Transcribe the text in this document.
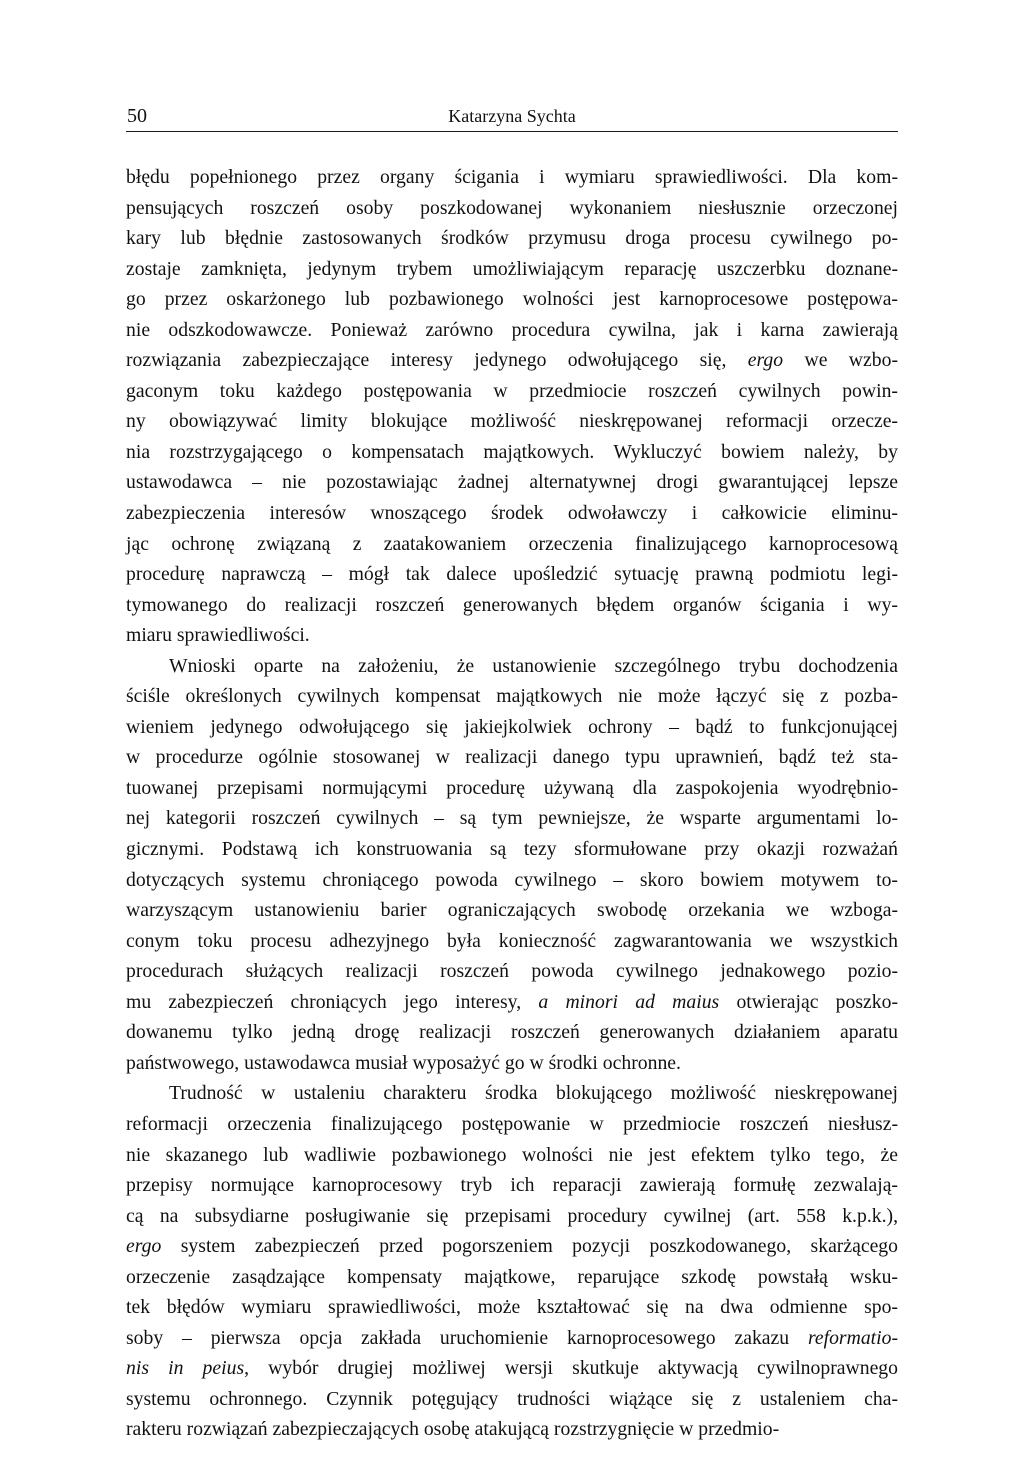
50	Katarzyna Sychta
błędu popełnionego przez organy ścigania i wymiaru sprawiedliwości. Dla kom-
pensujących roszczeń osoby poszkodowanej wykonaniem niesłusznie orzeczonej
kary lub błędnie zastosowanych środków przymusu droga procesu cywilnego po-
zostaje zamknięta, jedynym trybem umożliwiającym reparację uszczerbku doznane-
go przez oskarżonego lub pozbawionego wolności jest karnoprocesowe postępowa-
nie odszkodowawcze. Ponieważ zarówno procedura cywilna, jak i karna zawierają
rozwiązania zabezpieczające interesy jedynego odwołującego się, ergo we wzbo-
gaconym toku każdego postępowania w przedmiocie roszczeń cywilnych powin-
ny obowiązywać limity blokujące możliwość nieskrępowanej reformacji orzecze-
nia rozstrzygającego o kompensatach majątkowych. Wykluczyć bowiem należy, by
ustawodawca – nie pozostawiając żadnej alternatywnej drogi gwarantującej lepsze
zabezpieczenia interesów wnoszącego środek odwoławczy i całkowicie eliminu-
jąc ochronę związaną z zaatakowaniem orzeczenia finalizującego karnoprocesową
procedurę naprawczą – mógł tak dalece upośledzić sytuację prawną podmiotu legi-
tymowanego do realizacji roszczeń generowanych błędem organów ścigania i wy-
miaru sprawiedliwości.
Wnioski oparte na założeniu, że ustanowienie szczególnego trybu dochodzenia
ściśle określonych cywilnych kompensat majątkowych nie może łączyć się z pozba-
wieniem jedynego odwołującego się jakiejkolwiek ochrony – bądź to funkcjonującej
w procedurze ogólnie stosowanej w realizacji danego typu uprawnień, bądź też sta-
tuowanej przepisami normującymi procedurę używaną dla zaspokojenia wyodrębnio-
nej kategorii roszczeń cywilnych – są tym pewniejsze, że wsparte argumentami lo-
gicznymi. Podstawą ich konstruowania są tezy sformułowane przy okazji rozważań
dotyczących systemu chroniącego powoda cywilnego – skoro bowiem motywem to-
warzyszącym ustanowieniu barier ograniczających swobodę orzekania we wzboga-
conym toku procesu adhezyjnego była konieczność zagwarantowania we wszystkich
procedurach służących realizacji roszczeń powoda cywilnego jednakowego pozio-
mu zabezpieczeń chroniących jego interesy, a minori ad maius otwierając poszko-
dowanemu tylko jedną drogę realizacji roszczeń generowanych działaniem aparatu
państwowego, ustawodawca musiał wyposażyć go w środki ochronne.
Trudność w ustaleniu charakteru środka blokującego możliwość nieskrępowanej
reformacji orzeczenia finalizującego postępowanie w przedmiocie roszczeń niesłusz-
nie skazanego lub wadliwie pozbawionego wolności nie jest efektem tylko tego, że
przepisy normujące karnoprocesowy tryb ich reparacji zawierają formułę zezwalają-
cą na subsydiarne posługiwanie się przepisami procedury cywilnej (art. 558 k.p.k.),
ergo system zabezpieczeń przed pogorszeniem pozycji poszkodowanego, skarżącego
orzeczenie zasądzające kompensaty majątkowe, reparujące szkodę powstałą wsku-
tek błędów wymiaru sprawiedliwości, może kształtować się na dwa odmienne spo-
soby – pierwsza opcja zakłada uruchomienie karnoprocesowego zakazu reformatio-
nis in peius, wybór drugiej możliwej wersji skutkuje aktywacją cywilnoprawnego
systemu ochronnego. Czynnik potęgujący trudności wiążące się z ustaleniem cha-
rakteru rozwiązań zabezpieczających osobę atakującą rozstrzygnięcie w przedmio-
